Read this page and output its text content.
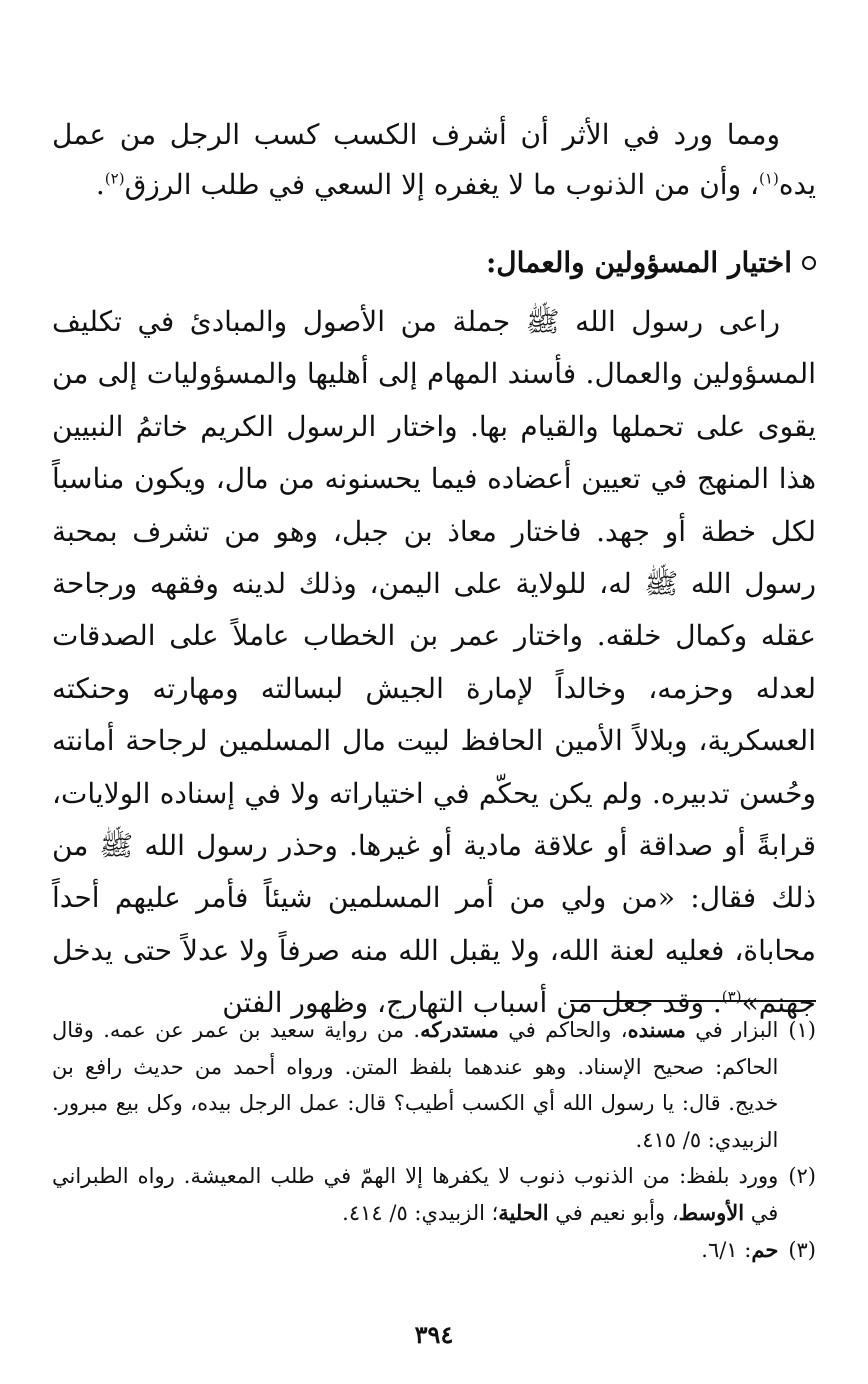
ومما ورد في الأثر أن أشرف الكسب كسب الرجل من عمل يده$^{(١)}$، وأن من الذنوب ما لا يغفره إلا السعي في طلب الرزق$^{(٢)}$.

اختيار المسؤولين والعمال:

راعى رسول الله ﷺ جملة من الأصول والمبادئ في تكليف المسؤولين والعمال. فأسند المهام إلى أهليها والمسؤوليات إلى من يقوى على تحملها والقيام بها. واختار الرسول الكريم خاتمُ النبيين هذا المنهج في تعيين أعضاده فيما يحسنونه من مال، ويكون مناسباً لكل خطة أو جهد. فاختار معاذ بن جبل، وهو من تشرف بمحبة رسول الله ﷺ له، للولاية على اليمن، وذلك لدينه وفقهه ورجاحة عقله وكمال خلقه. واختار عمر بن الخطاب عاملاً على الصدقات لعدله وحزمه، وخالداً لإمارة الجيش لبسالته ومهارته وحنكته العسكرية، وبلالاً الأمين الحافظ لبيت مال المسلمين لرجاحة أمانته وحُسن تدبيره. ولم يكن يحكّم في اختياراته ولا في إسناده الولايات، قرابةً أو صداقة أو علاقة مادية أو غيرها. وحذر رسول الله ﷺ من ذلك فقال: «من ولي من أمر المسلمين شيئاً فأمر عليهم أحداً محاباة، فعليه لعنة الله، ولا يقبل الله منه صرفاً ولا عدلاً حتى يدخل جهنم»$^{(٣)}$. وقد جعل من أسباب التهارج، وظهور الفتن

(١)
البزار في مسنده، والحاكم في مستدركه. من رواية سعيد بن عمر عن عمه. وقال الحاكم: صحيح الإسناد. وهو عندهما بلفظ المتن. ورواه أحمد من حديث رافع بن خديج. قال: يا رسول الله أي الكسب أطيب؟ قال: عمل الرجل بيده، وكل بيع مبرور. الزبيدي: ٥/ ٤١٥.
(٢)
وورد بلفظ: من الذنوب ذنوب لا يكفرها إلا الهمّ في طلب المعيشة. رواه الطبراني في الأوسط، وأبو نعيم في الحلية؛ الزبيدي: ٥/ ٤١٤.
(٣)
حم: ٦/١.
٣٩٤
